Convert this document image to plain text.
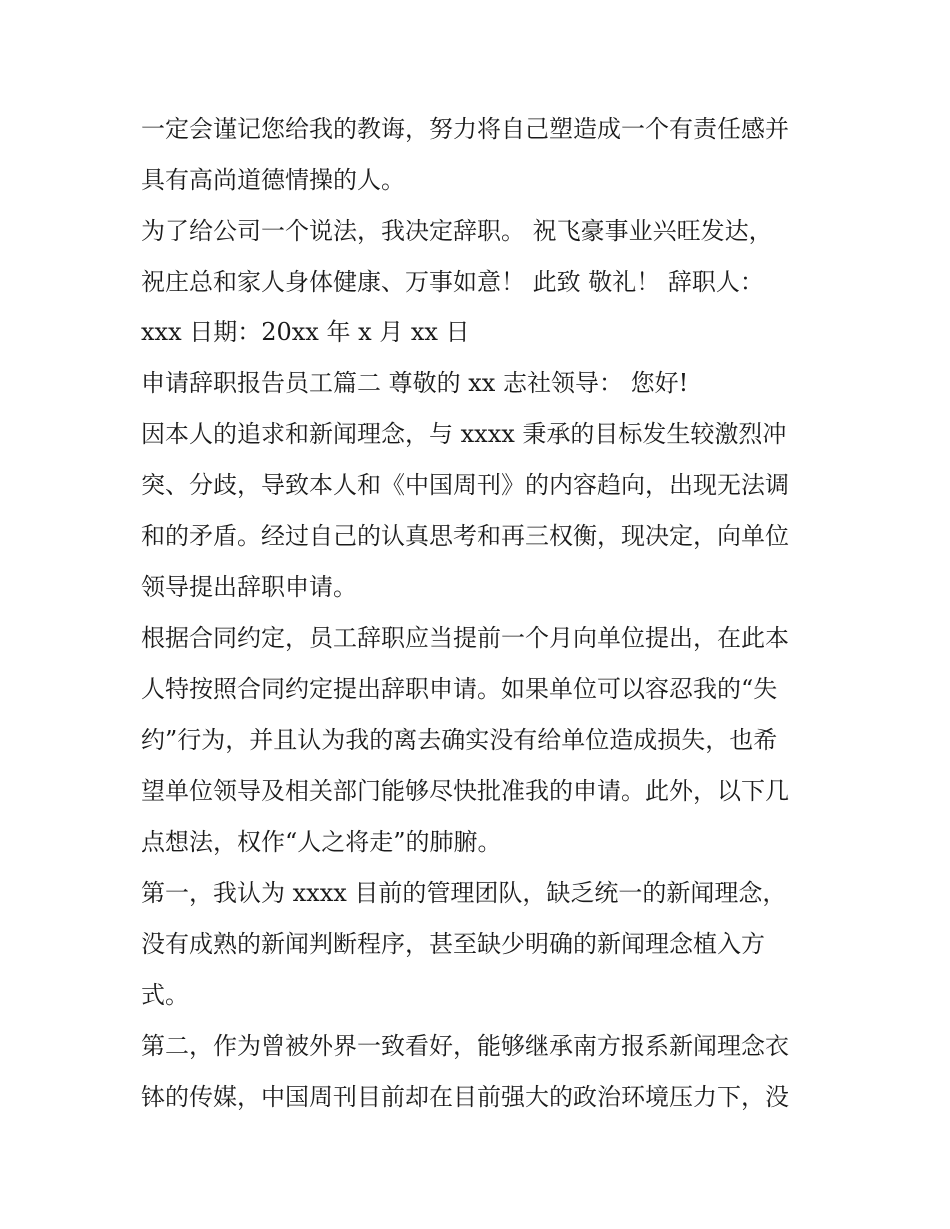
一定会谨记您给我的教诲，努力将自己塑造成一个有责任感并

具有高尚道德情操的人。

为了给公司一个说法，我决定辞职。 祝飞豪事业兴旺发达，

祝庄总和家人身体健康、万事如意！ 此致 敬礼！ 辞职人：

xxx 日期：20xx 年 x 月 xx 日

申请辞职报告员工篇二 尊敬的 xx 志社领导： 您好!

因本人的追求和新闻理念，与 xxxx 秉承的目标发生较激烈冲

突、分歧，导致本人和《中国周刊》的内容趋向，出现无法调

和的矛盾。经过自己的认真思考和再三权衡，现决定，向单位

领导提出辞职申请。

根据合同约定，员工辞职应当提前一个月向单位提出，在此本

人特按照合同约定提出辞职申请。如果单位可以容忍我的“失

约”行为，并且认为我的离去确实没有给单位造成损失，也希

望单位领导及相关部门能够尽快批准我的申请。此外，以下几

点想法，权作“人之将走”的肺腑。

第一，我认为 xxxx 目前的管理团队，缺乏统一的新闻理念，

没有成熟的新闻判断程序，甚至缺少明确的新闻理念植入方

式。

第二，作为曾被外界一致看好，能够继承南方报系新闻理念衣

钵的传媒，中国周刊目前却在目前强大的政治环境压力下，没
